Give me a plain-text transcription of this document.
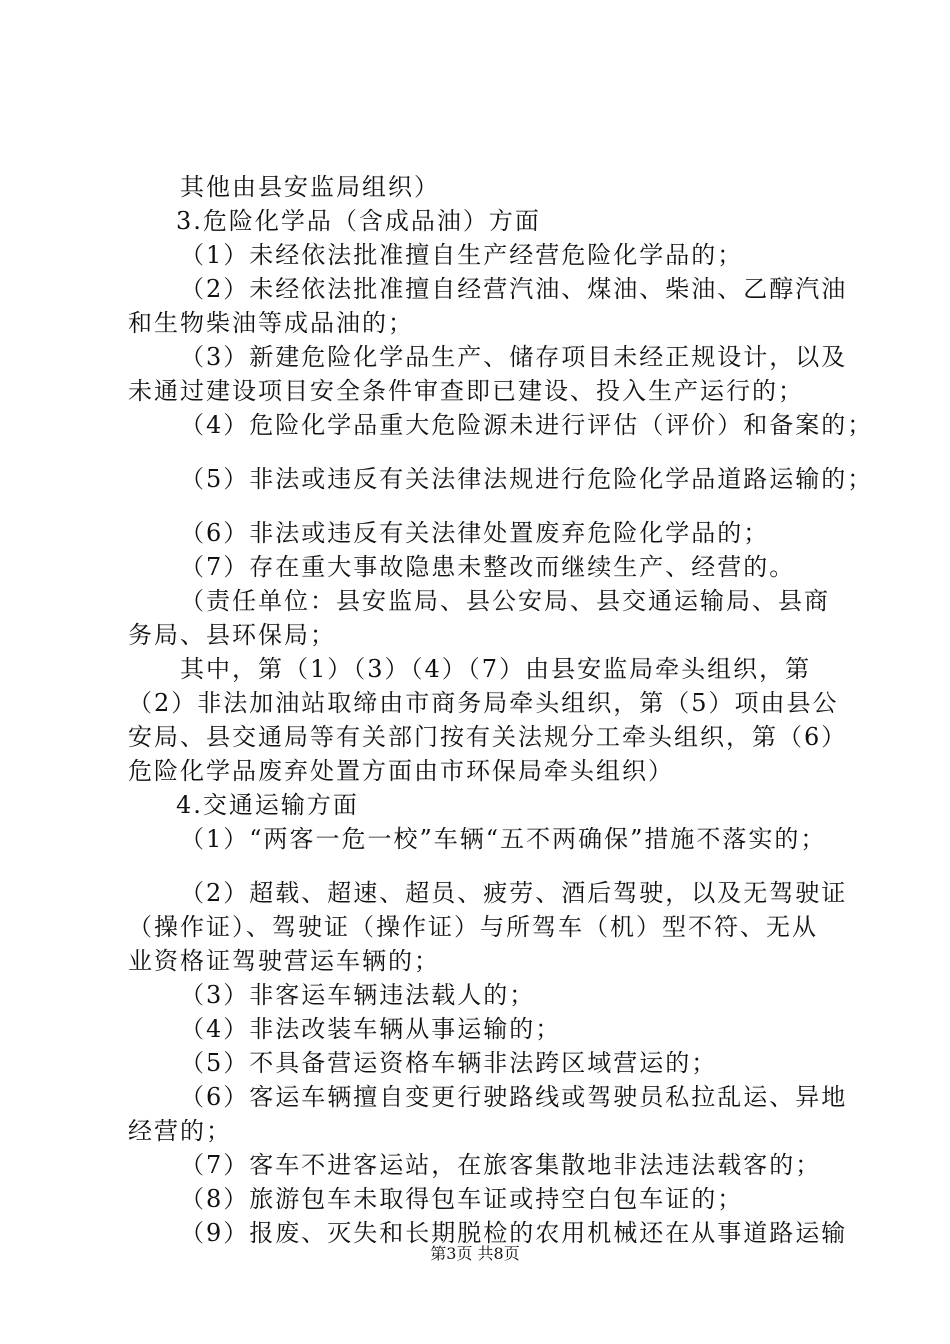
其他由县安监局组织）
3.危险化学品（含成品油）方面
（1）未经依法批准擅自生产经营危险化学品的；
（2）未经依法批准擅自经营汽油、煤油、柴油、乙醇汽油
和生物柴油等成品油的；
（3）新建危险化学品生产、储存项目未经正规设计，以及
未通过建设项目安全条件审查即已建设、投入生产运行的；
（4）危险化学品重大危险源未进行评估（评价）和备案的；
（5）非法或违反有关法律法规进行危险化学品道路运输的；
（6）非法或违反有关法律处置废弃危险化学品的；
（7）存在重大事故隐患未整改而继续生产、经营的。
（责任单位：县安监局、县公安局、县交通运输局、县商
务局、县环保局；
其中，第（1）（3）（4）（7）由县安监局牵头组织，第
（2）非法加油站取缔由市商务局牵头组织，第（5）项由县公
安局、县交通局等有关部门按有关法规分工牵头组织，第（6）
危险化学品废弃处置方面由市环保局牵头组织）
4.交通运输方面
（1）“两客一危一校”车辆“五不两确保”措施不落实的；
（2）超载、超速、超员、疲劳、酒后驾驶，以及无驾驶证
（操作证）、驾驶证（操作证）与所驾车（机）型不符、无从
业资格证驾驶营运车辆的；
（3）非客运车辆违法载人的；
（4）非法改装车辆从事运输的；
（5）不具备营运资格车辆非法跨区域营运的；
（6）客运车辆擅自变更行驶路线或驾驶员私拉乱运、异地
经营的；
（7）客车不进客运站，在旅客集散地非法违法载客的；
（8）旅游包车未取得包车证或持空白包车证的；
（9）报废、灭失和长期脱检的农用机械还在从事道路运输
第3页 共8页
